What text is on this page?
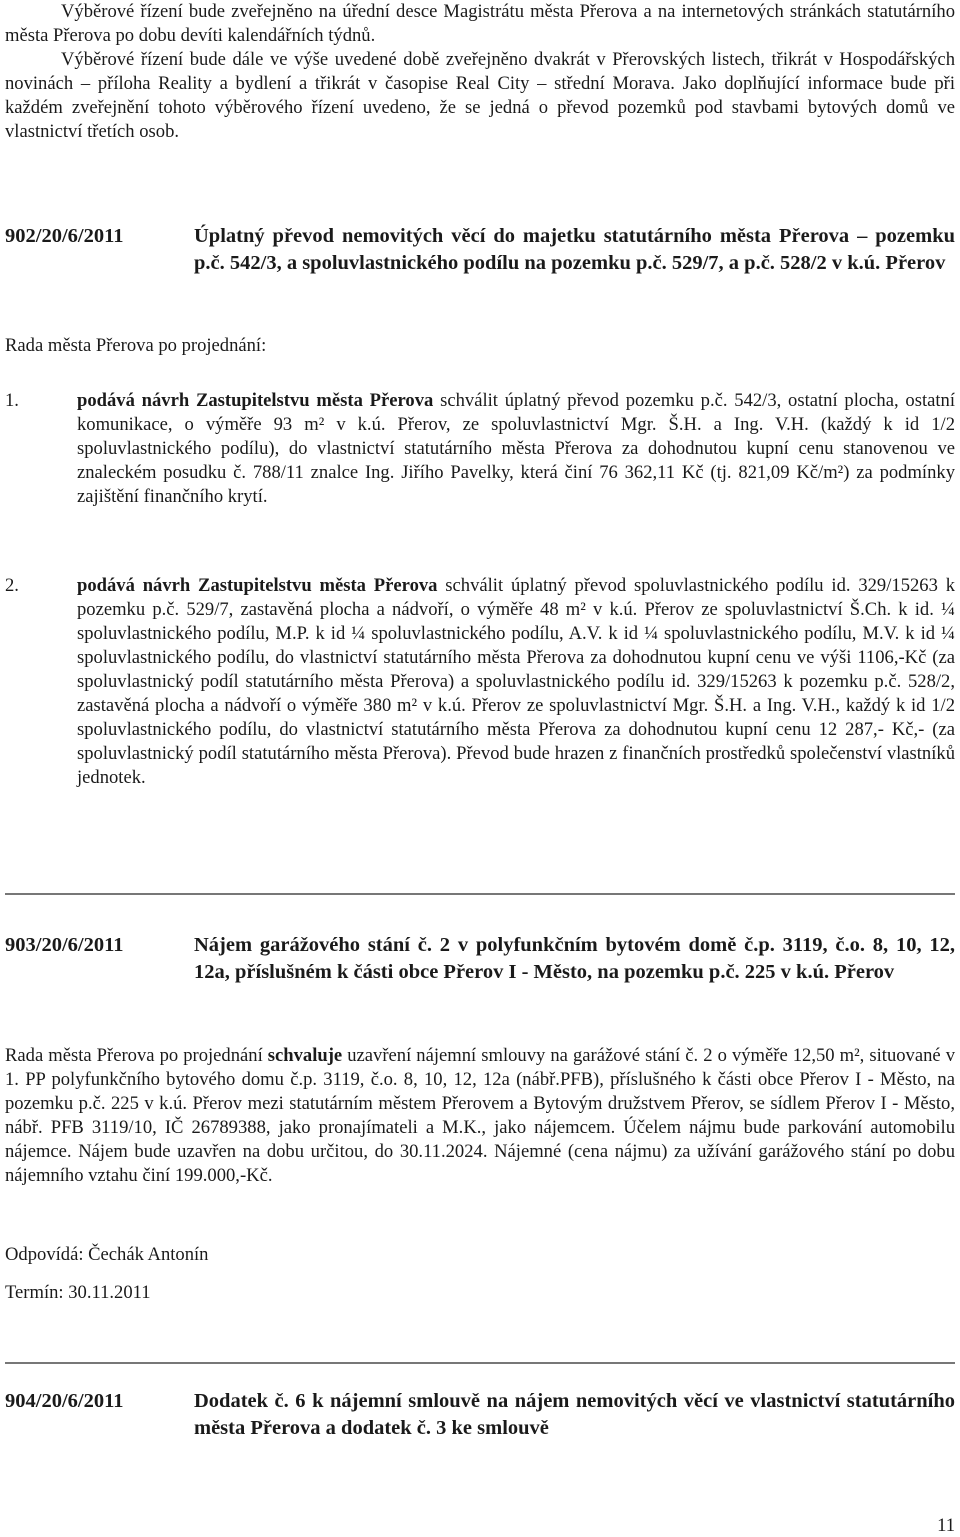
Výběrové řízení bude zveřejněno na úřední desce Magistrátu města Přerova a na internetových stránkách statutárního města Přerova po dobu devíti kalendářních týdnů.

Výběrové řízení bude dále ve výše uvedené době zveřejněno dvakrát v Přerovských listech, třikrát v Hospodářských novinách – příloha Reality a bydlení a třikrát v časopise Real City – střední Morava. Jako doplňující informace bude při každém zveřejnění tohoto výběrového řízení uvedeno, že se jedná o převod pozemků pod stavbami bytových domů ve vlastnictví třetích osob.

902/20/6/2011	Úplatný převod nemovitých věcí do majetku statutárního města Přerova – pozemku p.č. 542/3, a spoluvlastnického podílu na pozemku p.č. 529/7, a p.č. 528/2 v k.ú. Přerov

Rada města Přerova po projednání:

1.	podává návrh Zastupitelstvu města Přerova schválit úplatný převod pozemku p.č. 542/3, ostatní plocha, ostatní komunikace, o výměře 93 m² v k.ú. Přerov, ze spoluvlastnictví Mgr. Š.H. a Ing. V.H. (každý k id 1/2 spoluvlastnického podílu), do vlastnictví statutárního města Přerova za dohodnutou kupní cenu stanovenou ve znaleckém posudku č. 788/11 znalce Ing. Jiřího Pavelky, která činí 76 362,11 Kč (tj. 821,09 Kč/m²) za podmínky zajištění finančního krytí.

2.	podává návrh Zastupitelstvu města Přerova schválit úplatný převod spoluvlastnického podílu id. 329/15263 k pozemku p.č. 529/7, zastavěná plocha a nádvoří, o výměře 48 m² v k.ú. Přerov ze spoluvlastnictví Š.Ch. k id. ¼ spoluvlastnického podílu, M.P. k id ¼ spoluvlastnického podílu, A.V. k id ¼ spoluvlastnického podílu, M.V. k id ¼ spoluvlastnického podílu, do vlastnictví statutárního města Přerova za dohodnutou kupní cenu ve výši 1106,-Kč (za spoluvlastnický podíl statutárního města Přerova) a spoluvlastnického podílu id. 329/15263 k pozemku p.č. 528/2, zastavěná plocha a nádvoří o výměře 380 m² v k.ú. Přerov ze spoluvlastnictví Mgr. Š.H. a Ing. V.H., každý k id 1/2 spoluvlastnického podílu, do vlastnictví statutárního města Přerova za dohodnutou kupní cenu 12 287,- Kč,- (za spoluvlastnický podíl statutárního města Přerova). Převod bude hrazen z finančních prostředků společenství vlastníků jednotek.

903/20/6/2011	Nájem garážového stání č. 2 v polyfunkčním bytovém domě č.p. 3119, č.o. 8, 10, 12, 12a, příslušném k části obce Přerov I - Město, na pozemku p.č. 225 v k.ú. Přerov

Rada města Přerova po projednání schvaluje uzavření nájemní smlouvy na garážové stání č. 2 o výměře 12,50 m², situované v 1. PP polyfunkčního bytového domu č.p. 3119, č.o. 8, 10, 12, 12a (nábř.PFB), příslušného k části obce Přerov I - Město, na pozemku p.č. 225 v k.ú. Přerov mezi statutárním městem Přerovem a Bytovým družstvem Přerov, se sídlem Přerov I - Město, nábř. PFB 3119/10, IČ 26789388, jako pronajímateli a M.K., jako nájemcem. Účelem nájmu bude parkování automobilu nájemce. Nájem bude uzavřen na dobu určitou, do 30.11.2024. Nájemné (cena nájmu) za užívání garážového stání po dobu nájemního vztahu činí 199.000,-Kč.

Odpovídá: Čechák Antonín

Termín: 30.11.2011

904/20/6/2011	Dodatek č. 6 k nájemní smlouvě na nájem nemovitých věcí ve vlastnictví statutárního města Přerova a dodatek č. 3 ke smlouvě

11
